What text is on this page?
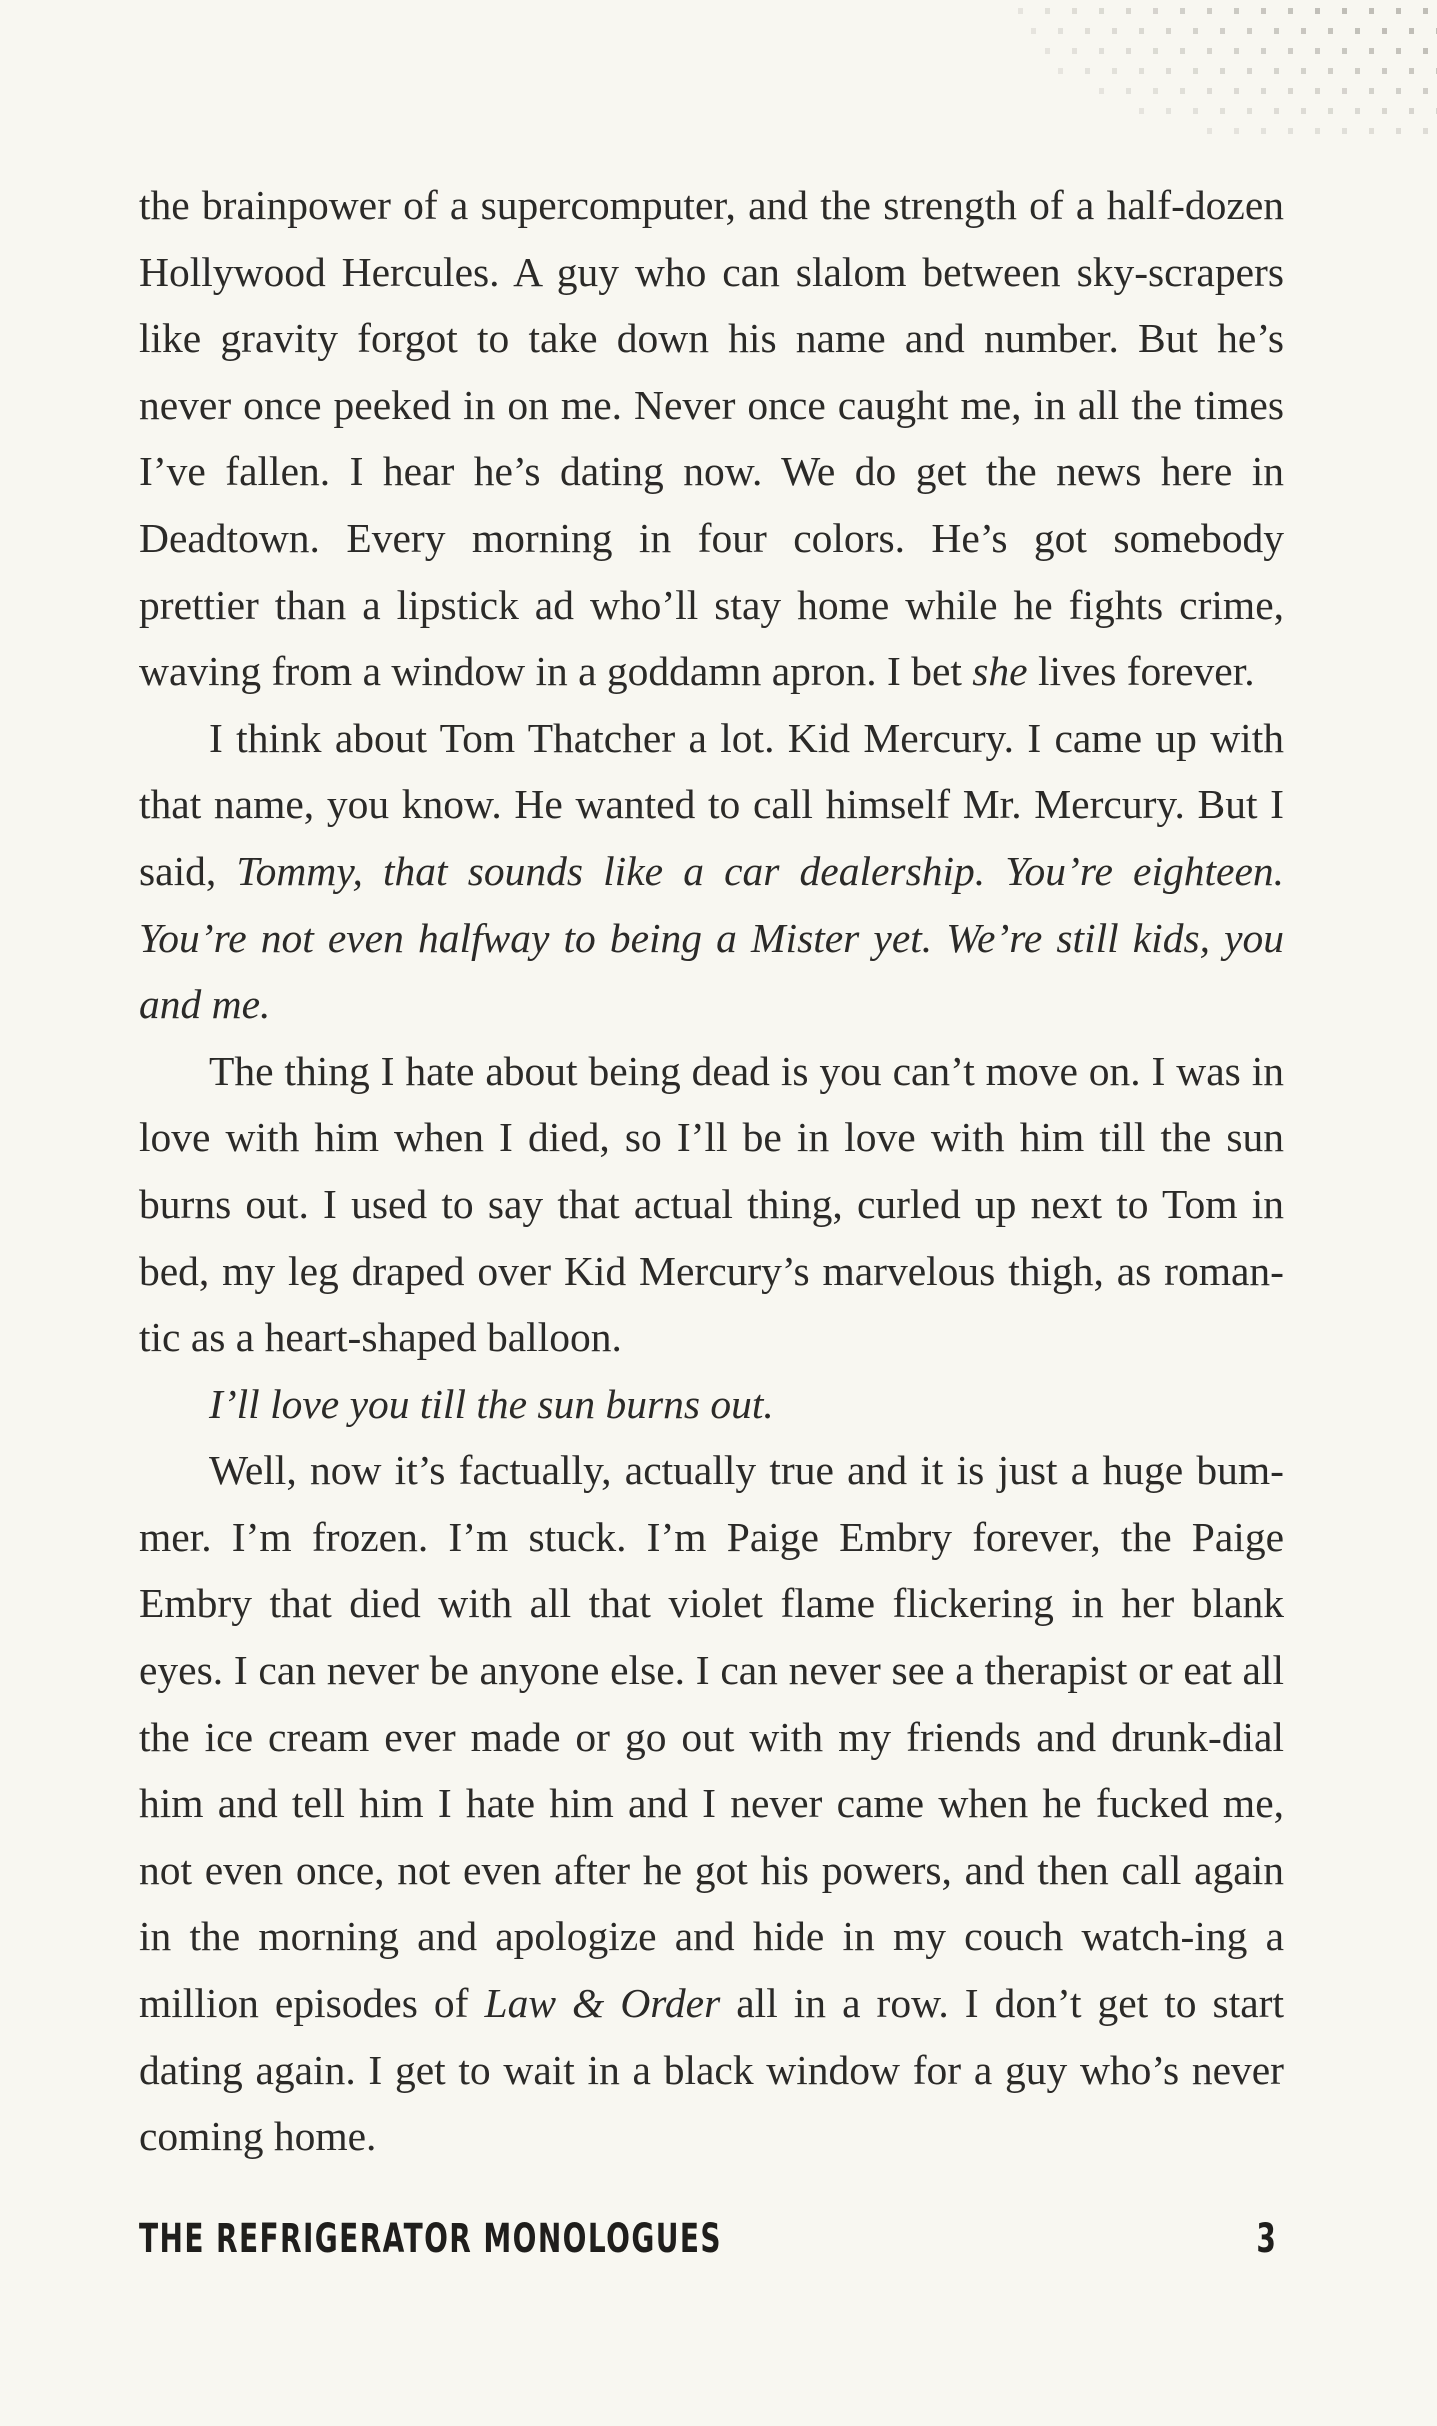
the brainpower of a supercomputer, and the strength of a half-dozen Hollywood Hercules. A guy who can slalom between sky-scrapers like gravity forgot to take down his name and number. But he’s never once peeked in on me. Never once caught me, in all the times I’ve fallen. I hear he’s dating now. We do get the news here in Deadtown. Every morning in four colors. He’s got somebody prettier than a lipstick ad who’ll stay home while he fights crime, waving from a window in a goddamn apron. I bet she lives forever.

I think about Tom Thatcher a lot. Kid Mercury. I came up with that name, you know. He wanted to call himself Mr. Mercury. But I said, Tommy, that sounds like a car dealership. You’re eighteen. You’re not even halfway to being a Mister yet. We’re still kids, you and me.

The thing I hate about being dead is you can’t move on. I was in love with him when I died, so I’ll be in love with him till the sun burns out. I used to say that actual thing, curled up next to Tom in bed, my leg draped over Kid Mercury’s marvelous thigh, as roman-tic as a heart-shaped balloon.

I’ll love you till the sun burns out.

Well, now it’s factually, actually true and it is just a huge bum-mer. I’m frozen. I’m stuck. I’m Paige Embry forever, the Paige Embry that died with all that violet flame flickering in her blank eyes. I can never be anyone else. I can never see a therapist or eat all the ice cream ever made or go out with my friends and drunk-dial him and tell him I hate him and I never came when he fucked me, not even once, not even after he got his powers, and then call again in the morning and apologize and hide in my couch watch-ing a million episodes of Law & Order all in a row. I don’t get to start dating again. I get to wait in a black window for a guy who’s never coming home.

THE REFRIGERATOR MONOLOGUES	3
